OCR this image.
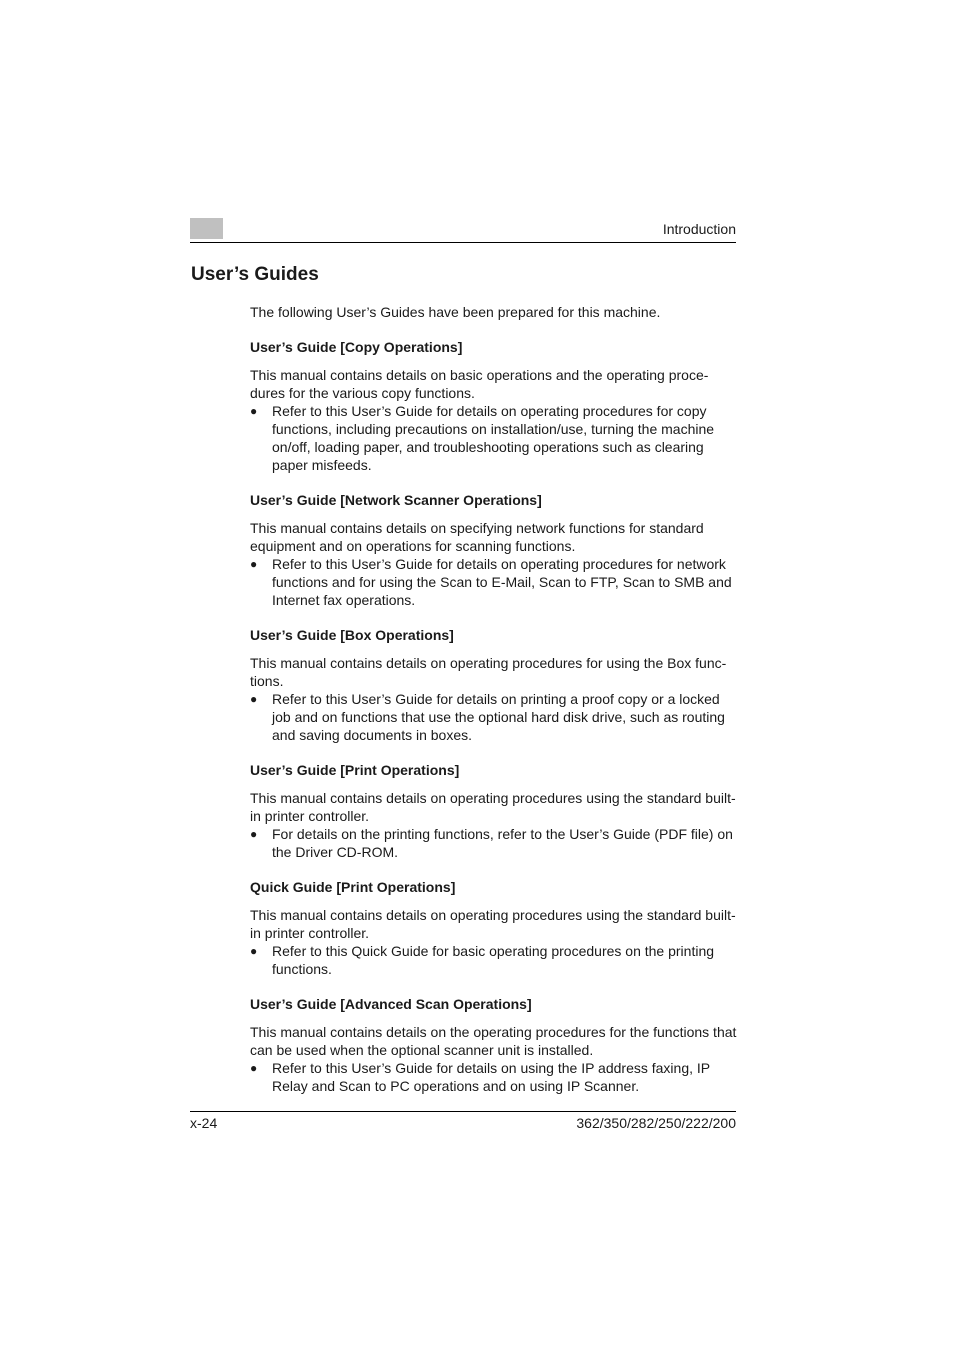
Introduction
User’s Guides

The following User’s Guides have been prepared for this machine.

User’s Guide [Copy Operations]

This manual contains details on basic operations and the operating proce-dures for the various copy functions.

● Refer to this User’s Guide for details on operating procedures for copy functions, including precautions on installation/use, turning the machine on/off, loading paper, and troubleshooting operations such as clearing paper misfeeds.
User’s Guide [Network Scanner Operations]

This manual contains details on specifying network functions for standard equipment and on operations for scanning functions.

● Refer to this User’s Guide for details on operating procedures for network functions and for using the Scan to E-Mail, Scan to FTP, Scan to SMB and Internet fax operations.
User’s Guide [Box Operations]

This manual contains details on operating procedures for using the Box func-tions.

● Refer to this User’s Guide for details on printing a proof copy or a locked job and on functions that use the optional hard disk drive, such as routing and saving documents in boxes.
User’s Guide [Print Operations]

This manual contains details on operating procedures using the standard built-in printer controller.

● For details on the printing functions, refer to the User’s Guide (PDF file) on the Driver CD-ROM.
Quick Guide [Print Operations]

This manual contains details on operating procedures using the standard built-in printer controller.

● Refer to this Quick Guide for basic operating procedures on the printing functions.
User’s Guide [Advanced Scan Operations]

This manual contains details on the operating procedures for the functions that can be used when the optional scanner unit is installed.

● Refer to this User’s Guide for details on using the IP address faxing, IP Relay and Scan to PC operations and on using IP Scanner.
x-24	362/350/282/250/222/200
